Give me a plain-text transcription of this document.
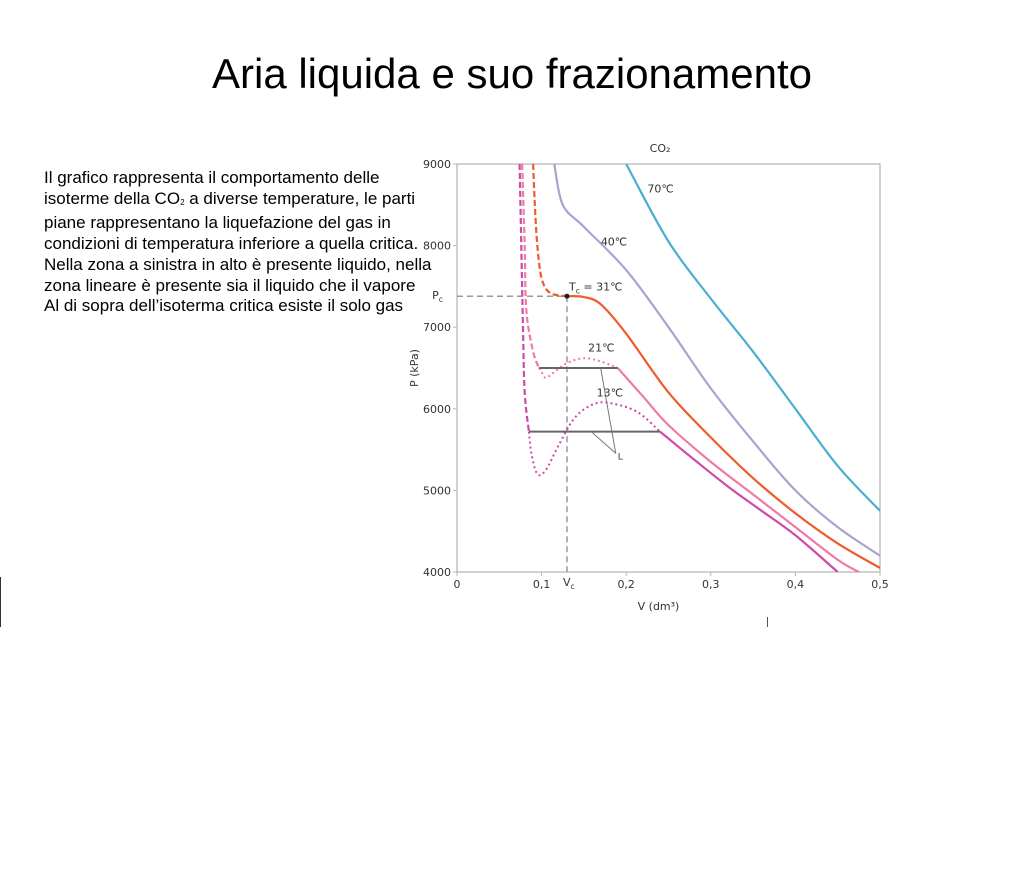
Aria liquida e suo frazionamento

Il grafico rappresenta il comportamento delle isoterme della $CO_2$ a diverse temperature, le parti piane rappresentano la liquefazione del gas in condizioni di temperatura inferiore a quella critica. Nella zona a sinistra in alto è presente liquido, nella zona lineare è presente sia il liquido che il vapore
Al di sopra dell’isoterma critica esiste il solo gas

0	0,1	0,2	0,3	0,4	0,5
4000
5000
6000
7000
8000
9000
V (dm³)
P (kPa)
CO₂
$P_c$
$V_c$
70℃
40℃
$T_c$ = 31℃
21℃
13℃
L
